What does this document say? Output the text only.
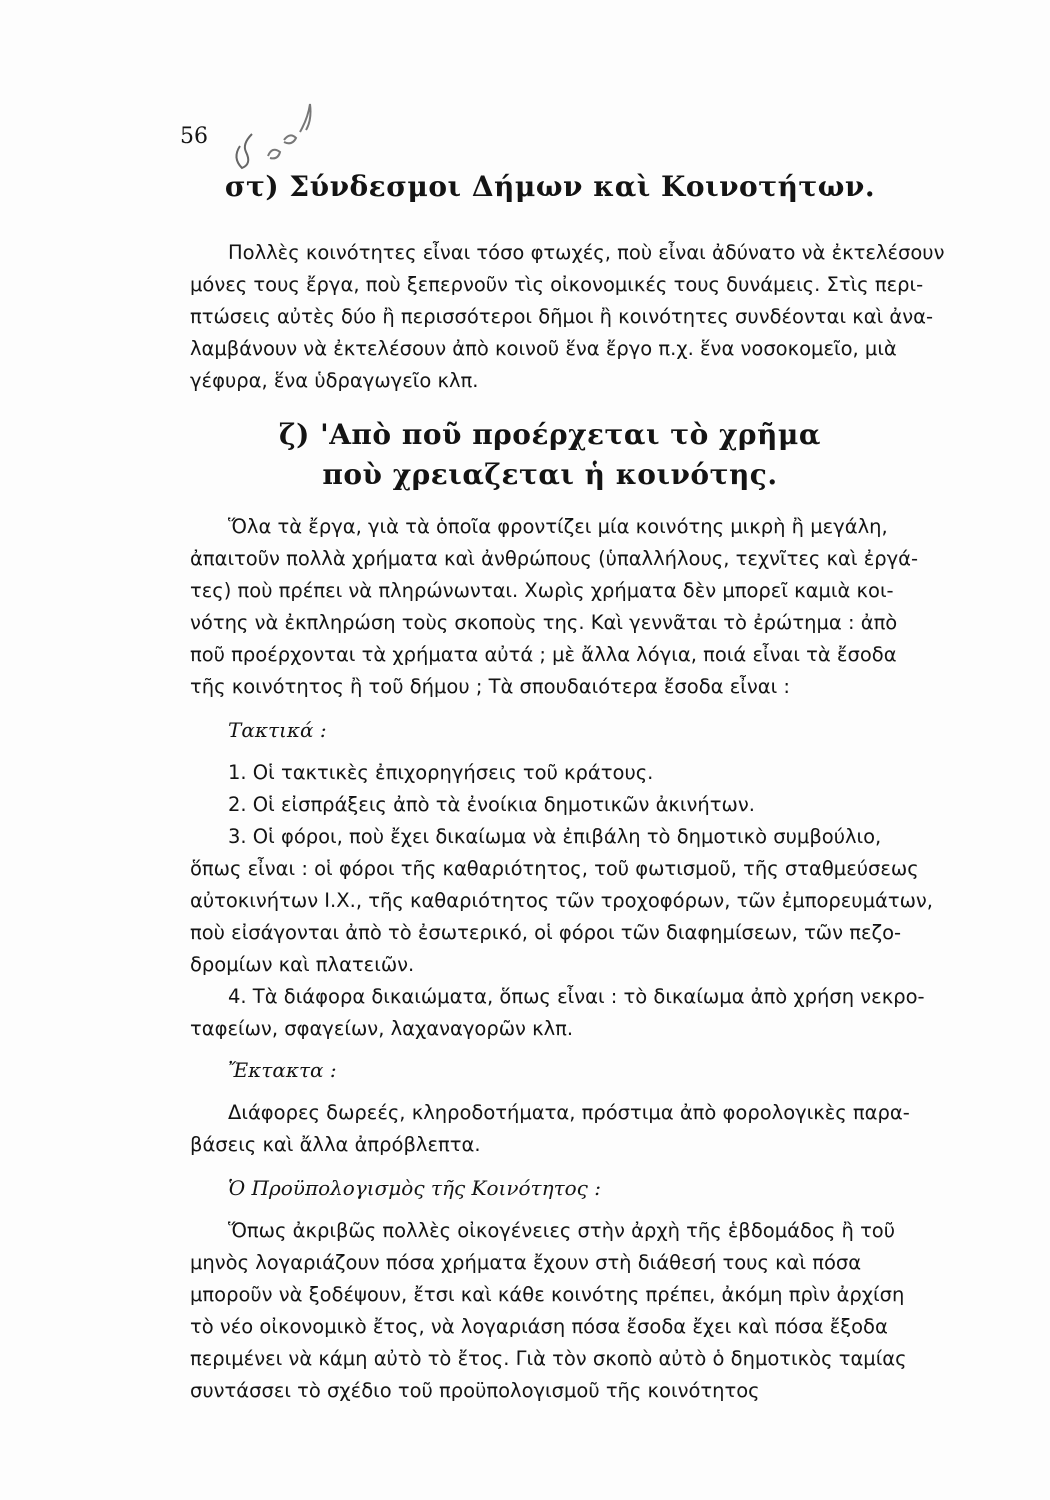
56
στ) Σύνδεσμοι Δήμων καὶ Κοινοτήτων.
Πολλὲς κοινότητες εἶναι τόσο φτωχές, ποὺ εἶναι ἀδύνατο νὰ ἐκτελέσουν
μόνες τους ἔργα, ποὺ ξεπερνοῦν τὶς οἰκονομικές τους δυνάμεις. Στὶς περι-
πτώσεις αὐτὲς δύο ἢ περισσότεροι δῆμοι ἢ κοινότητες συνδέονται καὶ ἀνα-
λαμβάνουν νὰ ἐκτελέσουν ἀπὸ κοινοῦ ἕνα ἔργο π.χ. ἕνα νοσοκομεῖο, μιὰ
γέφυρα, ἕνα ὑδραγωγεῖο κλπ.
ζ) 'Απὸ ποῦ προέρχεται τὸ χρῆμα
ποὺ χρειαζεται ἡ κοινότης.
Ὅλα τὰ ἔργα, γιὰ τὰ ὁποῖα φροντίζει μία κοινότης μικρὴ ἢ μεγάλη,
ἀπαιτοῦν πολλὰ χρήματα καὶ ἀνθρώπους (ὑπαλλήλους, τεχνῖτες καὶ ἐργά-
τες) ποὺ πρέπει νὰ πληρώνωνται. Χωρὶς χρήματα δὲν μπορεῖ καμιὰ κοι-
νότης νὰ ἐκπληρώση τοὺς σκοποὺς της. Καὶ γεννᾶται τὸ ἐρώτημα : ἀπὸ
ποῦ προέρχονται τὰ χρήματα αὐτά ; μὲ ἄλλα λόγια, ποιά εἶναι τὰ ἔσοδα
τῆς κοινότητος ἢ τοῦ δήμου ; Τὰ σπουδαιότερα ἔσοδα εἶναι :
Τακτικά :
1. Οἱ τακτικὲς ἐπιχορηγήσεις τοῦ κράτους.
2. Οἱ εἰσπράξεις ἀπὸ τὰ ἐνοίκια δημοτικῶν ἀκινήτων.
3. Οἱ φόροι, ποὺ ἔχει δικαίωμα νὰ ἐπιβάλη τὸ δημοτικὸ συμβούλιο,
ὅπως εἶναι : οἱ φόροι τῆς καθαριότητος, τοῦ φωτισμοῦ, τῆς σταθμεύσεως
αὐτοκινήτων Ι.Χ., τῆς καθαριότητος τῶν τροχοφόρων, τῶν ἐμπορευμάτων,
ποὺ εἰσάγονται ἀπὸ τὸ ἐσωτερικό, οἱ φόροι τῶν διαφημίσεων, τῶν πεζο-
δρομίων καὶ πλατειῶν.
4. Τὰ διάφορα δικαιώματα, ὅπως εἶναι : τὸ δικαίωμα ἀπὸ χρήση νεκρο-
ταφείων, σφαγείων, λαχαναγορῶν κλπ.
Ἔκτακτα :
Διάφορες δωρεές, κληροδοτήματα, πρόστιμα ἀπὸ φορολογικὲς παρα-
βάσεις καὶ ἄλλα ἀπρόβλεπτα.
Ὁ Προϋπολογισμὸς τῆς Κοινότητος :
Ὅπως ἀκριβῶς πολλὲς οἰκογένειες στὴν ἀρχὴ τῆς ἑβδομάδος ἢ τοῦ
μηνὸς λογαριάζουν πόσα χρήματα ἔχουν στὴ διάθεσή τους καὶ πόσα
μποροῦν νὰ ξοδέψουν, ἔτσι καὶ κάθε κοινότης πρέπει, ἀκόμη πρὶν ἀρχίση
τὸ νέο οἰκονομικὸ ἔτος, νὰ λογαριάση πόσα ἔσοδα ἔχει καὶ πόσα ἔξοδα
περιμένει νὰ κάμη αὐτὸ τὸ ἔτος. Γιὰ τὸν σκοπὸ αὐτὸ ὁ δημοτικὸς ταμίας
συντάσσει τὸ σχέδιο τοῦ προϋπολογισμοῦ τῆς κοινότητος
